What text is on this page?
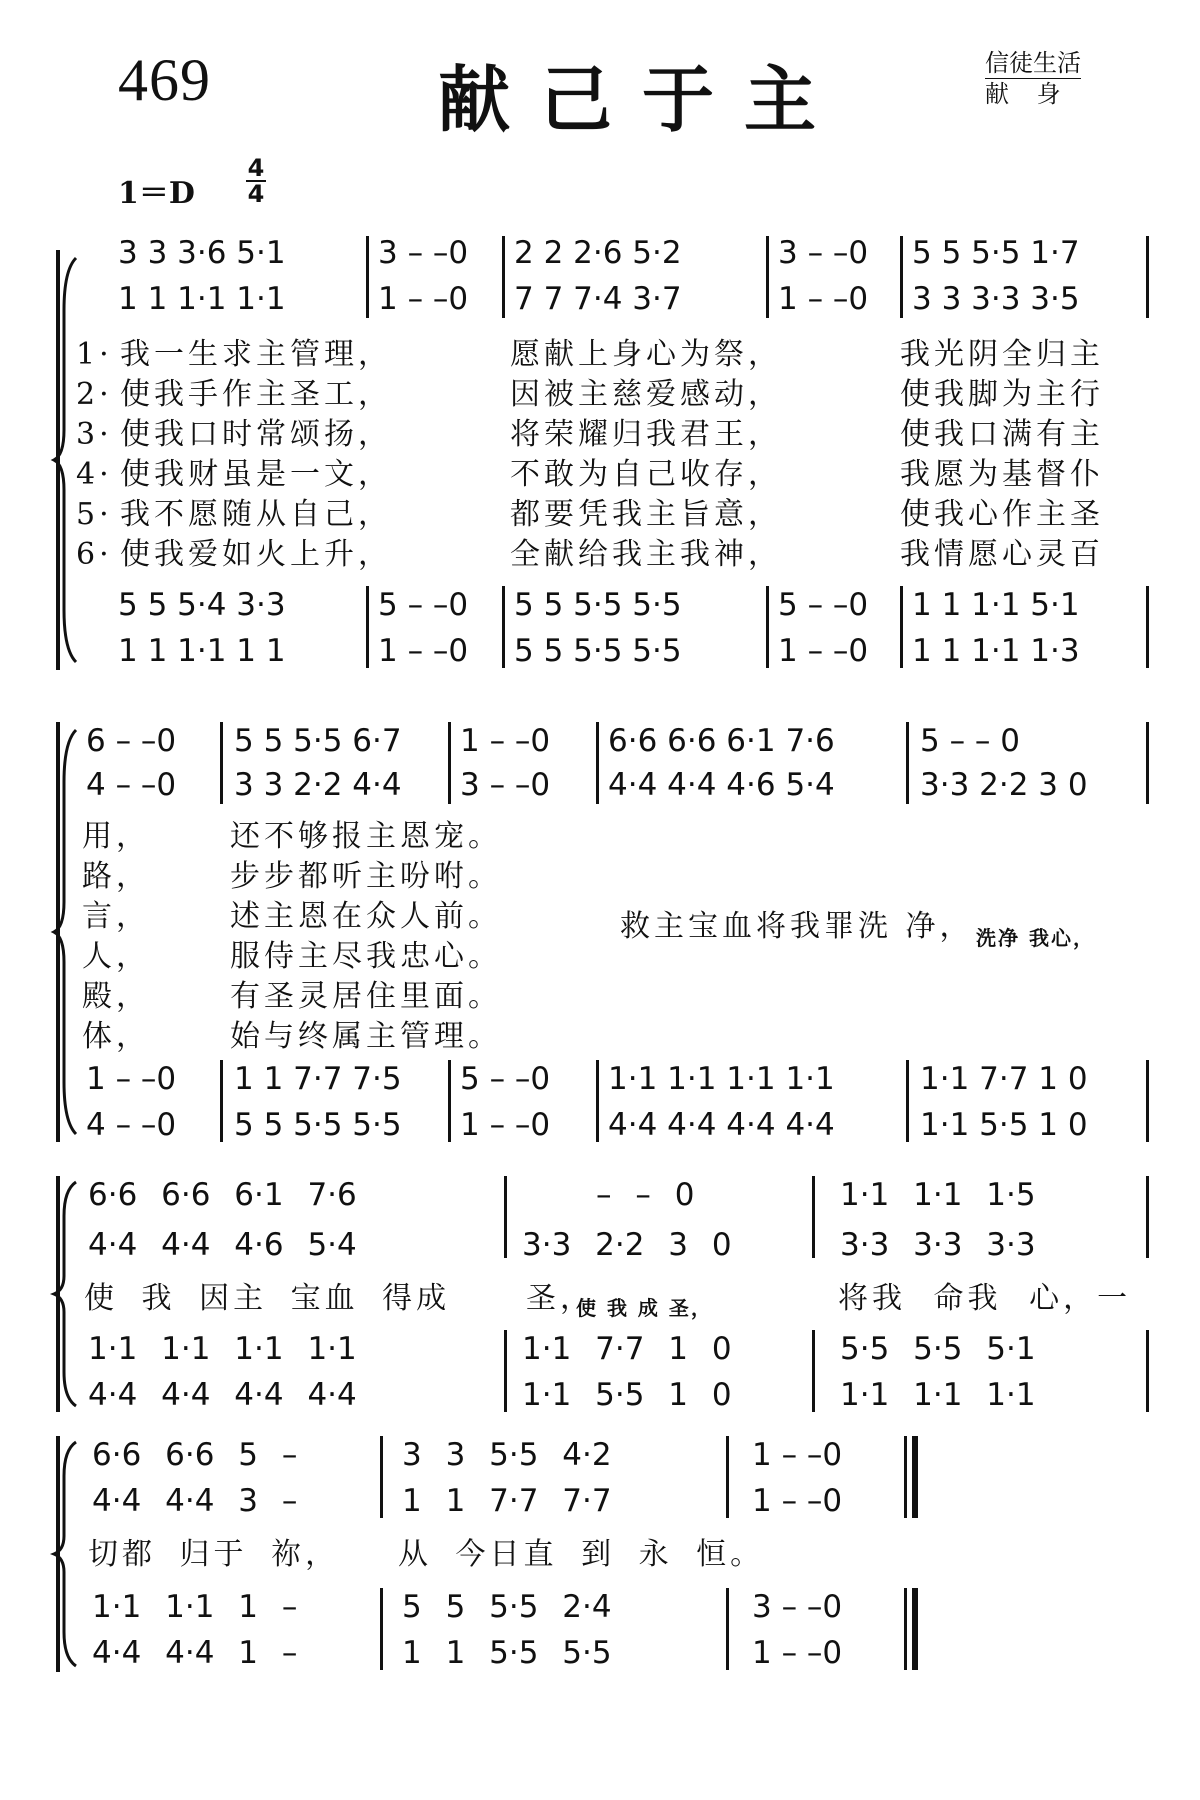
469	献己于主	信徒生活
献 身
$1=D \frac{4}{4}$
3 3 3·6 5·1	3 – –0 2 2 2·6 5·2	3 – –0 5 5 5·5 1·7
1 1 1·1 1·1	1 – –0 7 7 7·4 3·7	1 – –0 3 3 3·3 3·5
1· 我一生求主管理，	愿献上身心为祭，	我光阴全归主
2· 使我手作主圣工，	因被主慈爱感动，	使我脚为主行
3· 使我口时常颂扬，	将荣耀归我君王，	使我口满有主
4· 使我财虽是一文，	不敢为自己收存，	我愿为基督仆
5· 我不愿随从自己，	都要凭我主旨意，	使我心作主圣
6· 使我爱如火上升，	全献给我主我神，	我情愿心灵百
5 5 5·4 3·3	5 – –0 5 5 5·5 5·5	5 – –0 1 1 1·1 5·1
1 1 1·1 1 1	1 – –0 5 5 5·5 5·5	1 – –0 1 1 1·1 1·3
6 – –0 5 5 5·5 6·7 1 – –0 6·6 6·6 6·1 7·6	5 – – 0
4 – –0 3 3 2·2 4·4 3 – –0 4·4 4·4 4·6 5·4	3·3 2·2 3 0
用，	还不够报主恩宠。
路，	步步都听主吩咐。
言，	述主恩在众人前。
人，	服侍主尽我忠心。
殿，	有圣灵居住里面。
体，	始与终属主管理。
救主宝血将我罪洗 净， 洗净 我心，
1 – –0 1 1 7·7 7·5 5 – –0 1·1 1·1 1·1 1·1	1·1 7·7 1 0
4 – –0 5 5 5·5 5·5 1 – –0 4·4 4·4 4·4 4·4	1·1 5·5 1 0
6·6 6·6 6·1 7·6	– – 0	1·1 1·1 1·5
4·4 4·4 4·6 5·4	3·3 2·2 3 0	3·3 3·3 3·3
使 我 因主 宝血 得成	圣，
使 我 成 圣，	将我 命我 心，一
1·1 1·1 1·1 1·1	1·1 7·7 1 0	5·5 5·5 5·1
4·4 4·4 4·4 4·4	1·1 5·5 1 0	1·1 1·1 1·1
6·6 6·6 5 –	3 3 5·5 4·2	1 – –0
4·4 4·4 3 –	1 1 7·7 7·7	1 – –0
切都 归于 祢， 从 今日直 到 永 恒。
1·1 1·1 1 –	5 5 5·5 2·4	3 – –0
4·4 4·4 1 –	1 1 5·5 5·5	1 – –0
